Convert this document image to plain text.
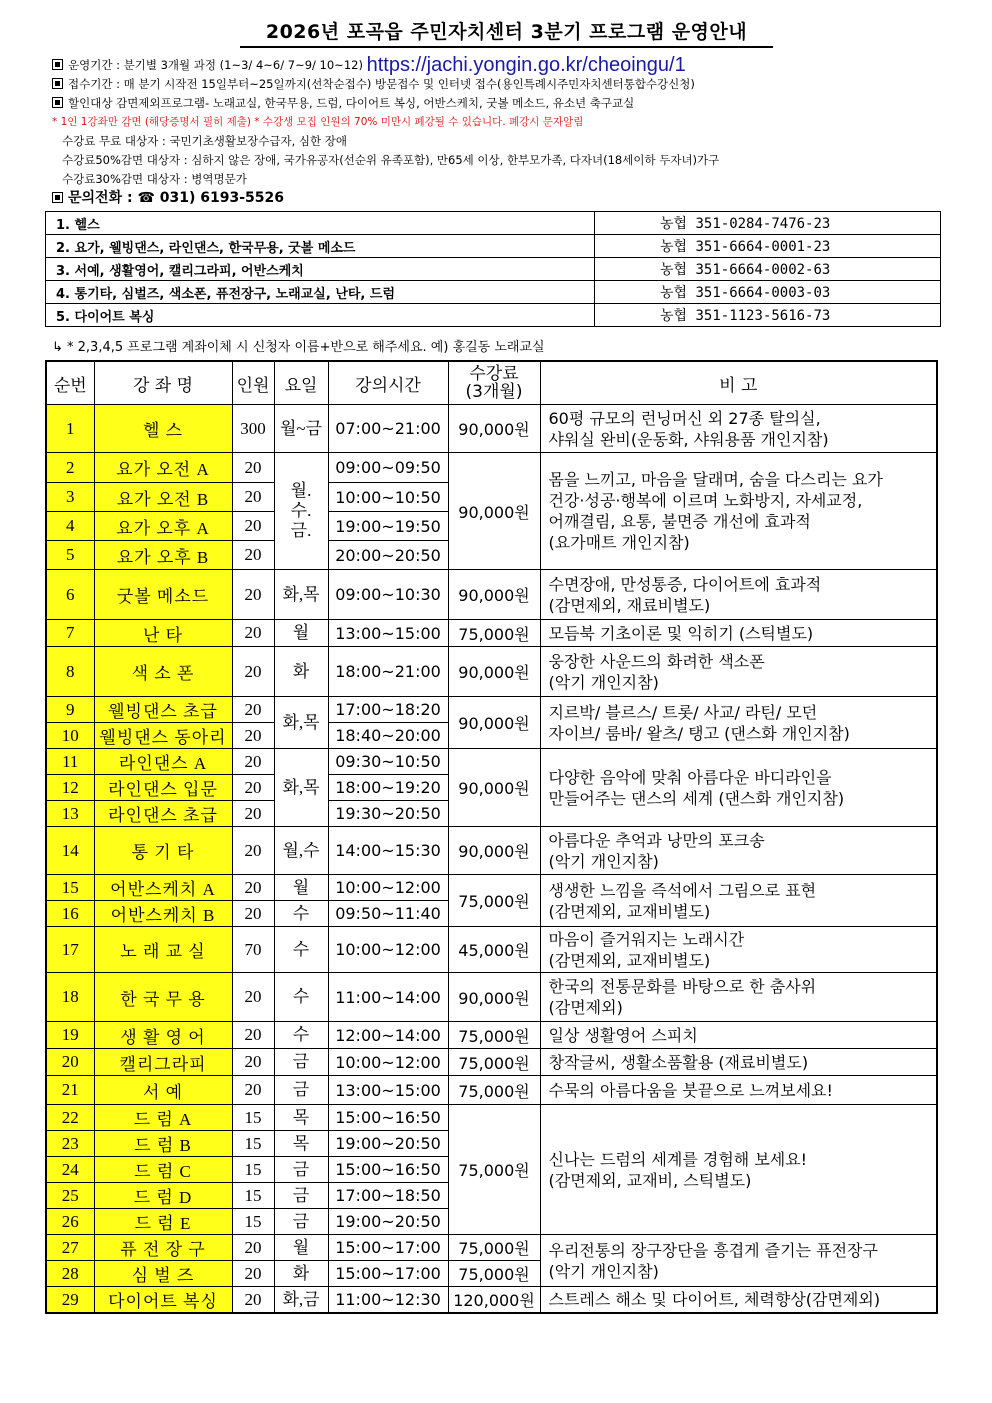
2026년 포곡읍 주민자치센터 3분기 프로그램 운영안내
운영기간 : 분기별 3개월 과정 (1~3/ 4~6/ 7~9/ 10~12) https://jachi.yongin.go.kr/cheoingu/1
접수기간 : 매 분기 시작전 15일부터~25일까지(선착순접수) 방문접수 및 인터넷 접수(용인특례시주민자치센터통합수강신청)
할인대상 감면제외프로그램- 노래교실, 한국무용, 드럼, 다이어트 복싱, 어반스케치, 굿볼 메소드, 유소년 축구교실
* 1인 1강좌만 감면 (해당증명서 필히 제출) * 수강생 모집 인원의 70% 미만시 폐강될 수 있습니다. 폐강시 문자알림
수강료 무료 대상자 : 국민기초생활보장수급자, 심한 장애
수강료50%감면 대상자 : 심하지 않은 장애, 국가유공자(선순위 유족포함), 만65세 이상, 한부모가족, 다자녀(18세이하 두자녀)가구
수강료30%감면 대상자 : 병역명문가
문의전화 : ☎ 031) 6193-5526
1. 헬스	농협 351-0284-7476-23
2. 요가, 웰빙댄스, 라인댄스, 한국무용, 굿볼 메소드	농협 351-6664-0001-23
3. 서예, 생활영어, 캘리그라피, 어반스케치	농협 351-6664-0002-63
4. 통기타, 심벌즈, 색소폰, 퓨전장구, 노래교실, 난타, 드럼	농협 351-6664-0003-03
5. 다이어트 복싱	농협 351-1123-5616-73
↳ * 2,3,4,5 프로그램 계좌이체 시 신청자 이름+반으로 해주세요. 예) 홍길동 노래교실
순번	강 좌 명	인원	요일	강의시간	수강료
(3개월)	비 고
1	헬 스	300	월~금	07:00~21:00	90,000원	60평 규모의 런닝머신 외 27종 탈의실,
샤워실 완비(운동화, 샤워용품 개인지참)
2	요가 오전 A	20	월.
수.
금.	09:00~09:50	90,000원	몸을 느끼고, 마음을 달래며, 숨을 다스리는 요가
건강·성공·행복에 이르며 노화방지, 자세교정,
어깨결림, 요통, 불면증 개선에 효과적
(요가매트 개인지참)
3	요가 오전 B	20		10:00~10:50		
4	요가 오후 A	20		19:00~19:50		
5	요가 오후 B	20		20:00~20:50		
6	굿볼 메소드	20	화,목	09:00~10:30	90,000원	수면장애, 만성통증, 다이어트에 효과적
(감면제외, 재료비별도)
7	난 타	20	월	13:00~15:00	75,000원	모듬북 기초이론 및 익히기 (스틱별도)
8	색 소 폰	20	화	18:00~21:00	90,000원	웅장한 사운드의 화려한 색소폰
(악기 개인지참)
9	웰빙댄스 초급	20	화,목	17:00~18:20	90,000원	지르박/ 블르스/ 트롯/ 사교/ 라틴/ 모던
자이브/ 룸바/ 왈츠/ 탱고 (댄스화 개인지참)
10	웰빙댄스 동아리	20		18:40~20:00		
11	라인댄스 A	20	화,목	09:30~10:50	90,000원	다양한 음악에 맞춰 아름다운 바디라인을
만들어주는 댄스의 세계 (댄스화 개인지참)
12	라인댄스 입문	20		18:00~19:20		
13	라인댄스 초급	20		19:30~20:50		
14	통 기 타	20	월,수	14:00~15:30	90,000원	아름다운 추억과 낭만의 포크송
(악기 개인지참)
15	어반스케치 A	20	월	10:00~12:00	75,000원	생생한 느낌을 즉석에서 그림으로 표현
(감면제외, 교재비별도)
16	어반스케치 B	20	수	09:50~11:40		
17	노 래 교 실	70	수	10:00~12:00	45,000원	마음이 즐거워지는 노래시간
(감면제외, 교재비별도)
18	한 국 무 용	20	수	11:00~14:00	90,000원	한국의 전통문화를 바탕으로 한 춤사위
(감면제외)
19	생 활 영 어	20	수	12:00~14:00	75,000원	일상 생활영어 스피치
20	캘리그라피	20	금	10:00~12:00	75,000원	창작글씨, 생활소품활용 (재료비별도)
21	서 예	20	금	13:00~15:00	75,000원	수묵의 아름다움을 붓끝으로 느껴보세요!
22	드 럼 A	15	목	15:00~16:50	75,000원	신나는 드럼의 세계를 경험해 보세요!
(감면제외, 교재비, 스틱별도)
23	드 럼 B	15	목	19:00~20:50		
24	드 럼 C	15	금	15:00~16:50		
25	드 럼 D	15	금	17:00~18:50		
26	드 럼 E	15	금	19:00~20:50		
27	퓨 전 장 구	20	월	15:00~17:00	75,000원	우리전통의 장구장단을 흥겹게 즐기는 퓨전장구
(악기 개인지참)
28	심 벌 즈	20	화	15:00~17:00	75,000원	
29	다이어트 복싱	20	화,금	11:00~12:30	120,000원	스트레스 해소 및 다이어트, 체력향상(감면제외)
